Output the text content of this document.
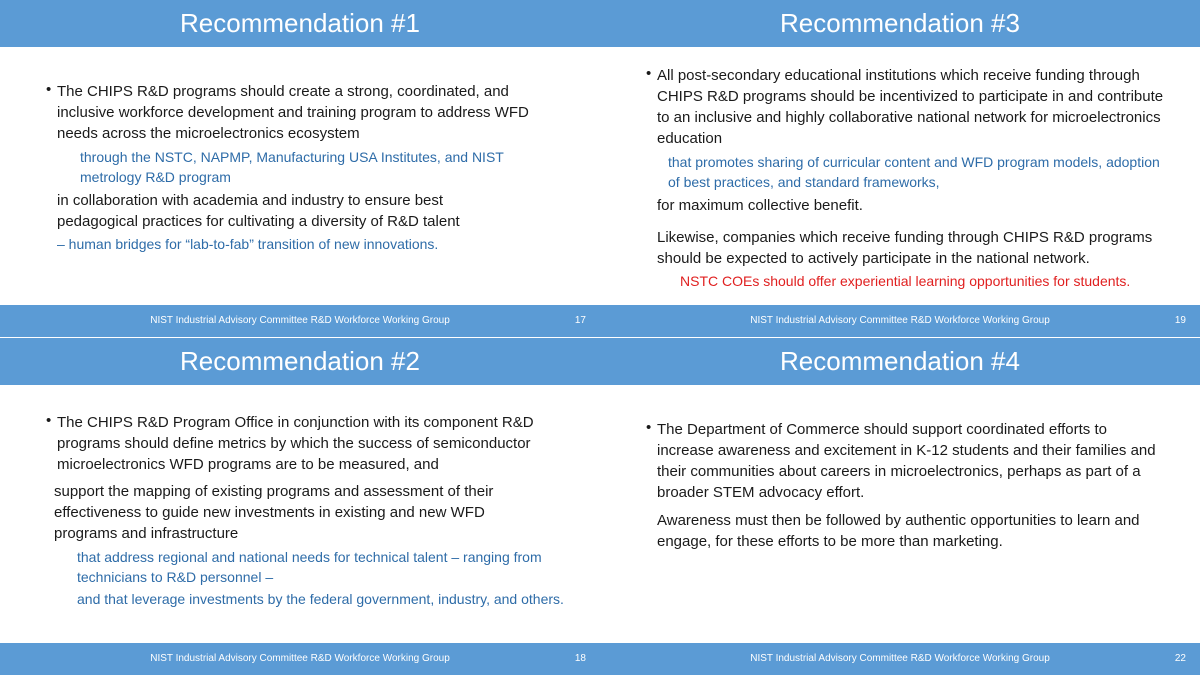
Recommendation #1
• The CHIPS R&D programs should create a strong, coordinated, and inclusive workforce development and training program to address WFD needs across the microelectronics ecosystem

through the NSTC, NAPMP, Manufacturing USA Institutes, and NIST metrology R&D program

in collaboration with academia and industry to ensure best pedagogical practices for cultivating a diversity of R&D talent

– human bridges for “lab-to-fab” transition of new innovations.

NIST Industrial Advisory Committee R&D Workforce Working Group	17
Recommendation #3
• All post-secondary educational institutions which receive funding through CHIPS R&D programs should be incentivized to participate in and contribute to an inclusive and highly collaborative national network for microelectronics education

that promotes sharing of curricular content and WFD program models, adoption of best practices, and standard frameworks,

for maximum collective benefit.

Likewise, companies which receive funding through CHIPS R&D programs should be expected to actively participate in the national network.

NSTC COEs should offer experiential learning opportunities for students.

NIST Industrial Advisory Committee R&D Workforce Working Group	19
Recommendation #2
• The CHIPS R&D Program Office in conjunction with its component R&D programs should define metrics by which the success of semiconductor microelectronics WFD programs are to be measured, and

support the mapping of existing programs and assessment of their effectiveness to guide new investments in existing and new WFD programs and infrastructure

that address regional and national needs for technical talent – ranging from technicians to R&D personnel –

and that leverage investments by the federal government, industry, and others.

NIST Industrial Advisory Committee R&D Workforce Working Group	18
Recommendation #4
• The Department of Commerce should support coordinated efforts to increase awareness and excitement in K-12 students and their families and their communities about careers in microelectronics, perhaps as part of a broader STEM advocacy effort.

Awareness must then be followed by authentic opportunities to learn and engage, for these efforts to be more than marketing.

NIST Industrial Advisory Committee R&D Workforce Working Group	22
